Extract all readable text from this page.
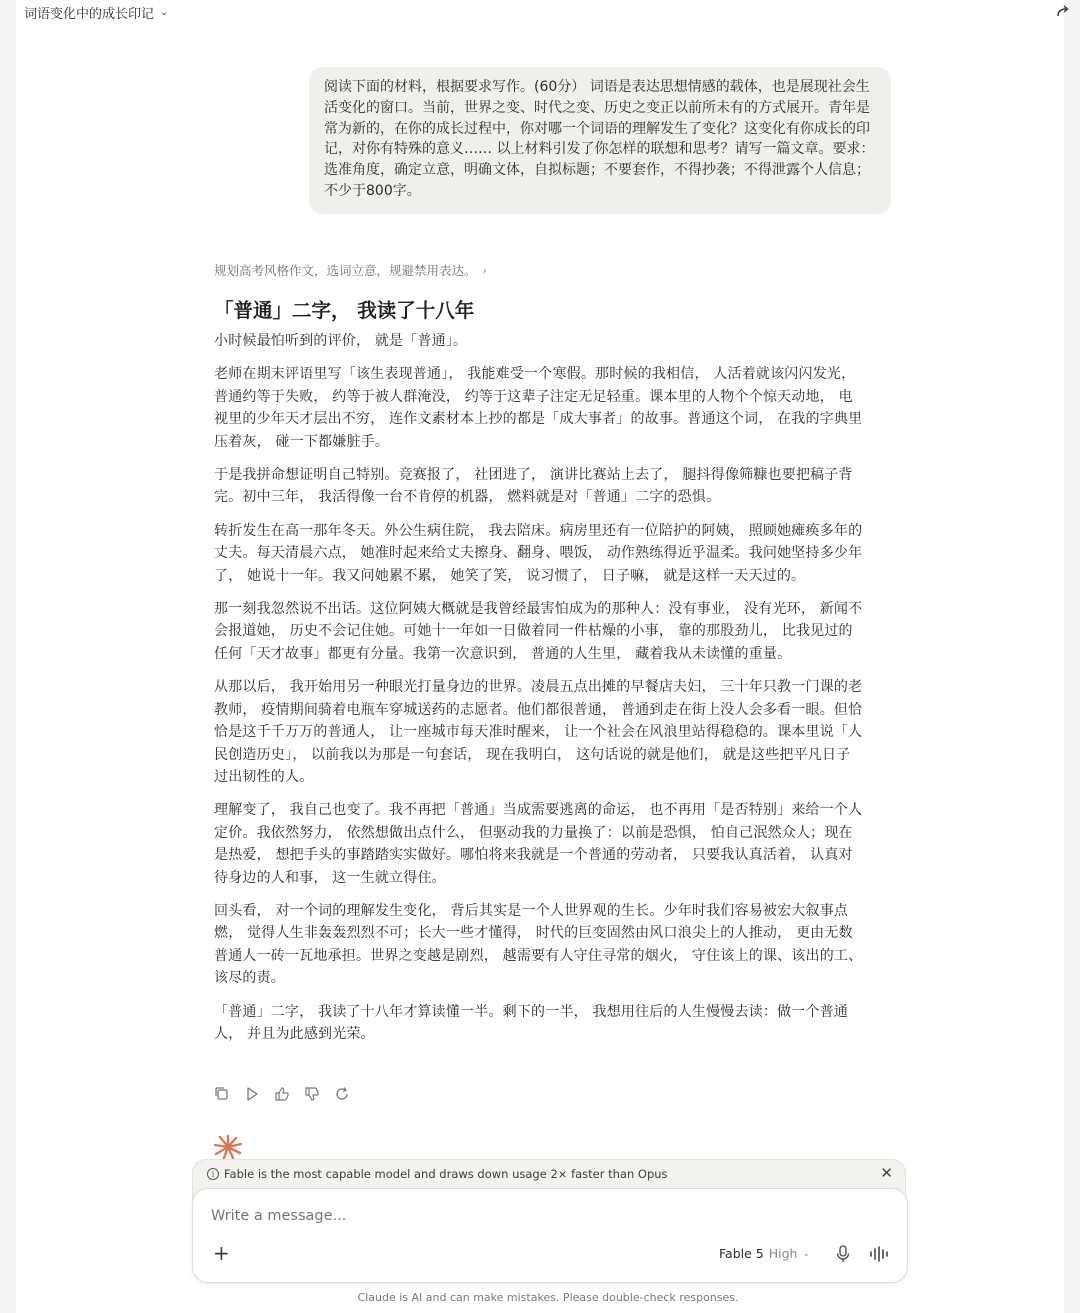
词语变化中的成长印记 ⌄
阅读下面的材料，根据要求写作。(60分） 词语是表达思想情感的载体，也是展现社会生活变化的窗口。当前，世界之变、时代之变、历史之变正以前所未有的方式展开。青年是常为新的，在你的成长过程中，你对哪一个词语的理解发生了变化？这变化有你成长的印记，对你有特殊的意义…… 以上材料引发了你怎样的联想和思考？请写一篇文章。要求：选准角度，确定立意，明确文体，自拟标题；不要套作，不得抄袭；不得泄露个人信息；不少于800字。
规划高考风格作文，选词立意，规避禁用表达。 ›
「普通」二字， 我读了十八年

小时候最怕听到的评价， 就是「普通」。

老师在期末评语里写「该生表现普通」， 我能难受一个寒假。那时候的我相信， 人活着就该闪闪发光， 普通约等于失败， 约等于被人群淹没， 约等于这辈子注定无足轻重。课本里的人物个个惊天动地， 电视里的少年天才层出不穷， 连作文素材本上抄的都是「成大事者」的故事。普通这个词， 在我的字典里压着灰， 碰一下都嫌脏手。

于是我拼命想证明自己特别。竞赛报了， 社团进了， 演讲比赛站上去了， 腿抖得像筛糠也要把稿子背完。初中三年， 我活得像一台不肯停的机器， 燃料就是对「普通」二字的恐惧。

转折发生在高一那年冬天。外公生病住院， 我去陪床。病房里还有一位陪护的阿姨， 照顾她瘫痪多年的丈夫。每天清晨六点， 她准时起来给丈夫擦身、翻身、喂饭， 动作熟练得近乎温柔。我问她坚持多少年了， 她说十一年。我又问她累不累， 她笑了笑， 说习惯了， 日子嘛， 就是这样一天天过的。

那一刻我忽然说不出话。这位阿姨大概就是我曾经最害怕成为的那种人：没有事业， 没有光环， 新闻不会报道她， 历史不会记住她。可她十一年如一日做着同一件枯燥的小事， 靠的那股劲儿， 比我见过的任何「天才故事」都更有分量。我第一次意识到， 普通的人生里， 藏着我从未读懂的重量。

从那以后， 我开始用另一种眼光打量身边的世界。凌晨五点出摊的早餐店夫妇， 三十年只教一门课的老教师， 疫情期间骑着电瓶车穿城送药的志愿者。他们都很普通， 普通到走在街上没人会多看一眼。但恰恰是这千千万万的普通人， 让一座城市每天准时醒来， 让一个社会在风浪里站得稳稳的。课本里说「人民创造历史」， 以前我以为那是一句套话， 现在我明白， 这句话说的就是他们， 就是这些把平凡日子过出韧性的人。

理解变了， 我自己也变了。我不再把「普通」当成需要逃离的命运， 也不再用「是否特别」来给一个人定价。我依然努力， 依然想做出点什么， 但驱动我的力量换了：以前是恐惧， 怕自己泯然众人；现在是热爱， 想把手头的事踏踏实实做好。哪怕将来我就是一个普通的劳动者， 只要我认真活着， 认真对待身边的人和事， 这一生就立得住。

回头看， 对一个词的理解发生变化， 背后其实是一个人世界观的生长。少年时我们容易被宏大叙事点燃， 觉得人生非轰轰烈烈不可；长大一些才懂得， 时代的巨变固然由风口浪尖上的人推动， 更由无数普通人一砖一瓦地承担。世界之变越是剧烈， 越需要有人守住寻常的烟火， 守住该上的课、该出的工、该尽的责。

「普通」二字， 我读了十八年才算读懂一半。剩下的一半， 我想用往后的人生慢慢去读：做一个普通人， 并且为此感到光荣。

i Fable is the most capable model and draws down usage 2× faster than Opus	✕
Write a message...
+	Fable 5 High ⌄
Claude is AI and can make mistakes. Please double-check responses.
